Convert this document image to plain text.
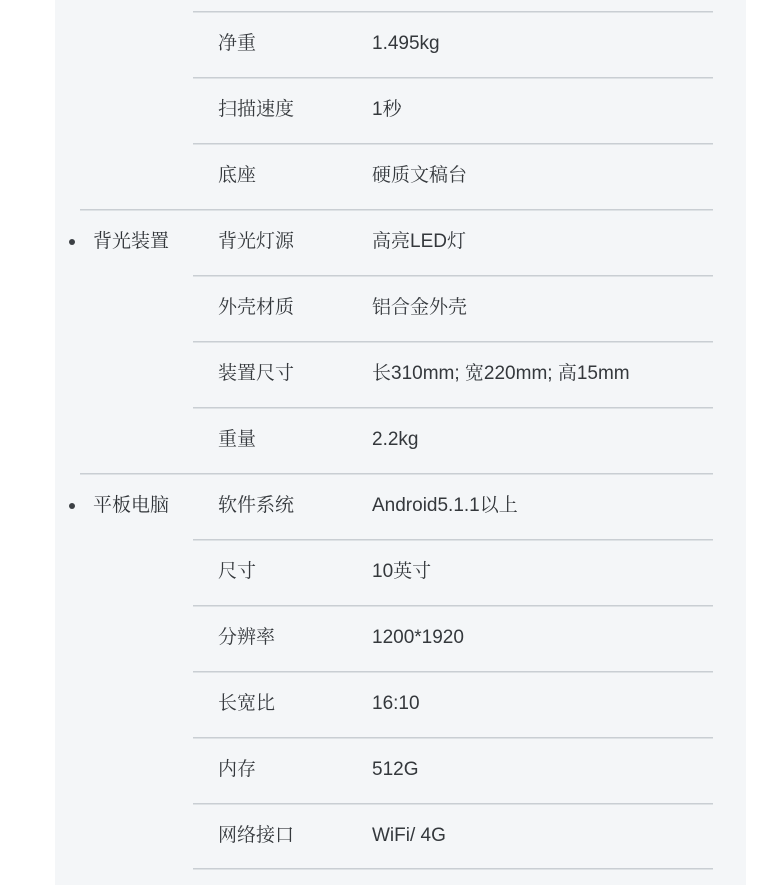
净重	1.495kg
扫描速度	1秒
底座	硬质文稿台
背光装置	背光灯源	高亮LED灯
外壳材质	铝合金外壳
装置尺寸	长310mm; 宽220mm; 高15mm
重量	2.2kg
平板电脑	软件系统	Android5.1.1以上
尺寸	10英寸
分辨率	1200*1920
长宽比	16:10
内存	512G
网络接口	WiFi/ 4G
